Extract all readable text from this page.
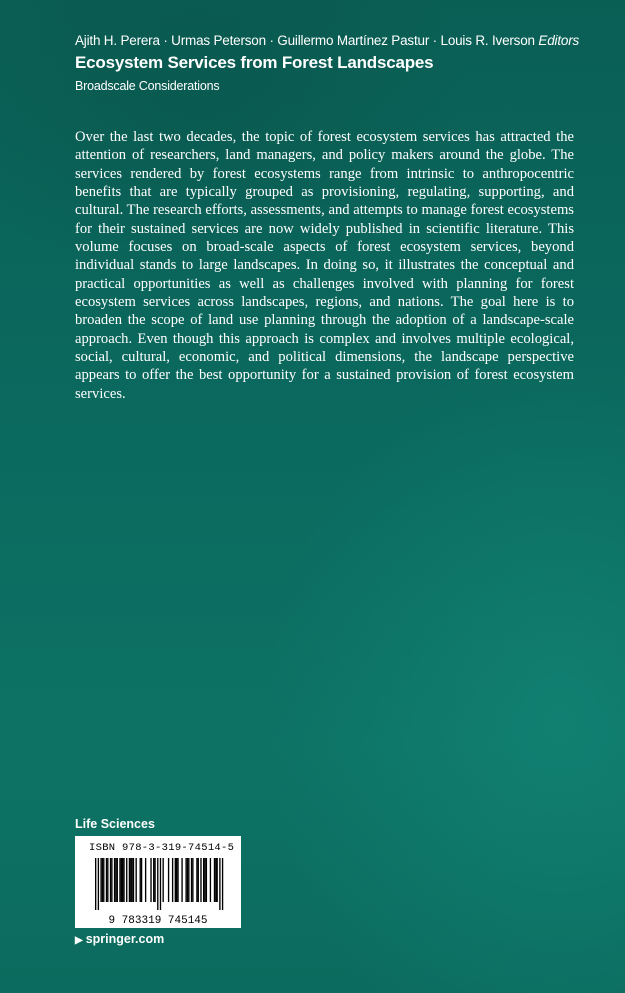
Ajith H. Perera · Urmas Peterson · Guillermo Martínez Pastur · Louis R. Iverson Editors
Ecosystem Services from Forest Landscapes
Broadscale Considerations

Over the last two decades, the topic of forest ecosystem services has attracted the attention of researchers, land managers, and policy makers around the globe. The services rendered by forest ecosystems range from intrinsic to anthropocentric benefits that are typically grouped as provisioning, regulating, supporting, and cultural. The research efforts, assessments, and attempts to manage forest ecosystems for their sustained services are now widely published in scientific literature. This volume focuses on broad-scale aspects of forest ecosystem services, beyond individual stands to large landscapes. In doing so, it illustrates the conceptual and practical opportunities as well as challenges involved with planning for forest ecosystem services across landscapes, regions, and nations. The goal here is to broaden the scope of land use planning through the adoption of a landscape-scale approach. Even though this approach is complex and involves multiple ecological, social, cultural, economic, and political dimensions, the landscape perspective appears to offer the best opportunity for a sustained provision of forest ecosystem services.

Life Sciences
ISBN 978-3-319-74514-5
9 783319 745145
▶ springer.com
